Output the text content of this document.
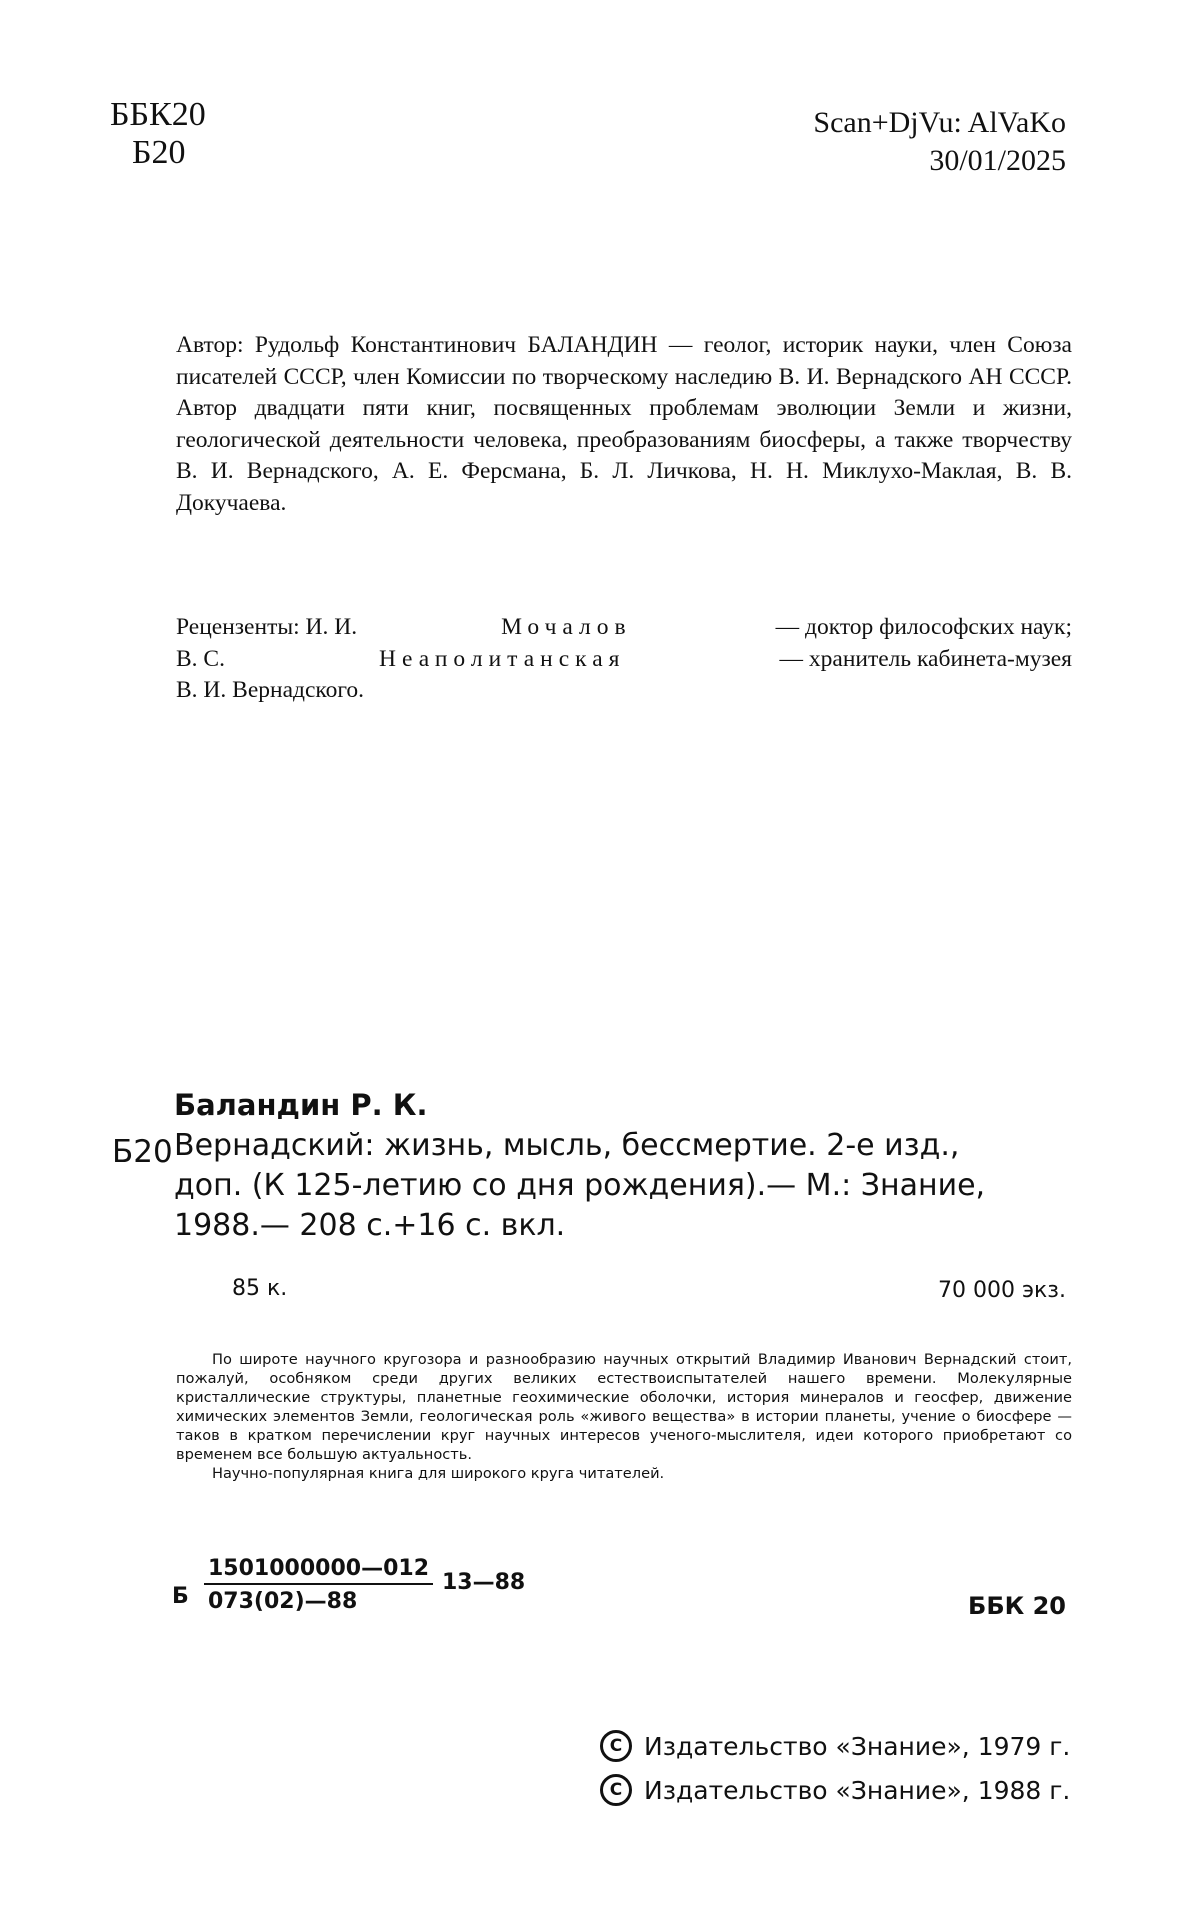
ББК20
Б20
Scan+DjVu: AlVaKo
30/01/2025

Автор: Рудольф Константинович БАЛАНДИН — геолог, историк науки, член Союза писателей СССР, член Комиссии по творческому наследию В. И. Вернадского АН СССР. Автор двадцати пяти книг, посвященных проблемам эволюции Земли и жизни, геологической деятельности человека, преобразованиям биосферы, а также творчеству В. И. Вернадского, А. Е. Ферсмана, Б. Л. Личкова, Н. Н. Миклухо-Маклая, В. В. Докучаева.

Рецензенты: И. И.	Мочалов	— доктор философских наук;
В. С.	Неаполитанская	— хранитель кабинета-музея
В. И. Вернадского.
Баландин Р. К.
Б20 Вернадский: жизнь, мысль, бессмертие. 2-е изд.,
доп. (К 125-летию со дня рождения).— М.: Знание,
1988.— 208 с.+16 с. вкл.
85 к.	70 000 экз.

По широте научного кругозора и разнообразию научных открытий Владимир Иванович Вернадский стоит, пожалуй, особняком среди других великих естествоиспытателей нашего времени. Молекулярные кристаллические структуры, планетные геохимические оболочки, история минералов и геосфер, движение химических элементов Земли, геологическая роль «живого вещества» в истории планеты, учение о биосфере — таков в кратком перечислении круг научных интересов ученого-мыслителя, идеи которого приобретают со временем все большую актуальность.

Научно-популярная книга для широкого круга читателей.

Б $\frac{1501000000—012}{073(02)—88}$ 13—88
ББК 20
C Издательство «Знание», 1979 г.
C Издательство «Знание», 1988 г.
